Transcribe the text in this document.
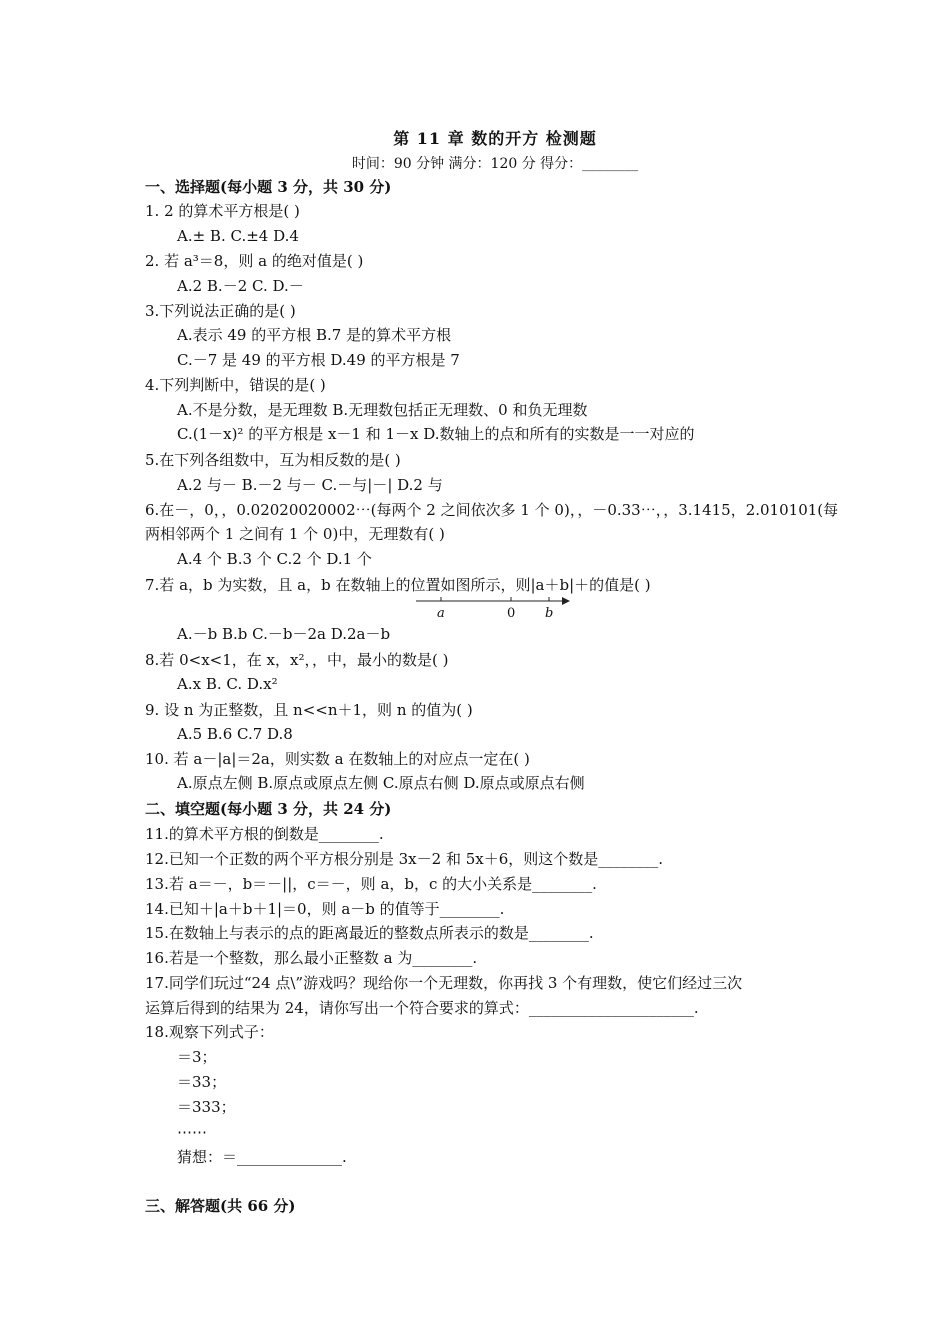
第 11 章 数的开方 检测题
时间：90 分钟 满分：120 分 得分：________
一、选择题(每小题 3 分，共 30 分)
1. 2 的算术平方根是( )
A.± B. C.±4 D.4
2. 若 a³＝8，则 a 的绝对值是( )
A.2 B.－2 C. D.－
3.下列说法正确的是( )
A.表示 49 的平方根 B.7 是的算术平方根
C.－7 是 49 的平方根 D.49 的平方根是 7
4.下列判断中，错误的是( )
A.不是分数，是无理数 B.无理数包括正无理数、0 和负无理数
C.(1－x)² 的平方根是 x－1 和 1－x D.数轴上的点和所有的实数是一一对应的
5.在下列各组数中，互为相反数的是( )
A.2 与－ B.－2 与－ C.－与|－| D.2 与
6.在－，0，，0.02020020002⋯(每两个 2 之间依次多 1 个 0)，，－0.33⋯，，3.1415，2.010101(每
两相邻两个 1 之间有 1 个 0)中，无理数有( )
A.4 个 B.3 个 C.2 个 D.1 个
7.若 a，b 为实数，且 a，b 在数轴上的位置如图所示，则|a＋b|＋的值是( )
a	0 b
A.－b B.b C.－b－2a D.2a－b
8.若 0<x<1，在 x，x²，，中，最小的数是( )
A.x B. C. D.x²
9. 设 n 为正整数，且 n<<n＋1，则 n 的值为( )
A.5 B.6 C.7 D.8
10. 若 a－|a|＝2a，则实数 a 在数轴上的对应点一定在( )
A.原点左侧 B.原点或原点左侧 C.原点右侧 D.原点或原点右侧
二、填空题(每小题 3 分，共 24 分)
11.的算术平方根的倒数是________.
12.已知一个正数的两个平方根分别是 3x－2 和 5x＋6，则这个数是________.
13.若 a＝－，b＝－||，c＝－，则 a，b，c 的大小关系是________.
14.已知＋|a＋b＋1|＝0，则 a－b 的值等于________.
15.在数轴上与表示的点的距离最近的整数点所表示的数是________.
16.若是一个整数，那么最小正整数 a 为________.
17.同学们玩过“24 点\”游戏吗？现给你一个无理数，你再找 3 个有理数，使它们经过三次
运算后得到的结果为 24，请你写出一个符合要求的算式：______________________.
18.观察下列式子：
＝3；
＝33；
＝333；
⋯⋯
猜想：＝______________.
三、解答题(共 66 分)
